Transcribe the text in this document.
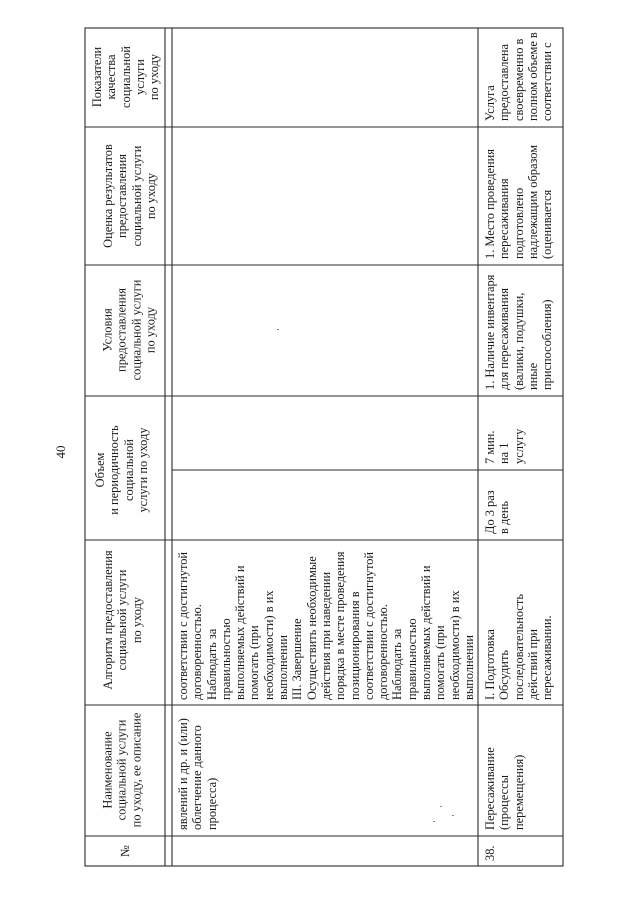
40
№
Наименование
социальной услуги
по уходу, ее описание
Алгоритм предоставления
социальной услуги
по уходу
Объем
и периодичность
социальной
услуги по уходу
Условия
предоставления
социальной услуги
по уходу
Оценка результатов
предоставления
социальной услуги
по уходу
Показатели
качества
социальной
услуги
по уходу
явлений и др. и (или)
облегчение данного
процесса)
соответствии с достигнутой
договоренностью.
Наблюдать за
правильностью
выполняемых действий и
помогать (при
необходимости) в их
выполнении
III. Завершение
Осуществить необходимые
действия при наведении
порядка в месте проведения
позиционирования в
соответствии с достигнутой
договоренностью.
Наблюдать за
правильностью
выполняемых действий и
помогать (при
необходимости) в их
выполнении
38.
Пересаживание
(процессы
перемещения)
I. Подготовка
Обсудить
последовательность
действий при
пересаживании.
До 3 раз
в день
7 мин.
на 1
услугу
1. Наличие инвентаря
для пересаживания
(валики, подушки, иные
приспособления)
1. Место проведения
пересаживания
подготовлено
надлежащим образом
(оценивается
Услуга
предоставлена
своевременно в
полном объеме в
соответствии с
